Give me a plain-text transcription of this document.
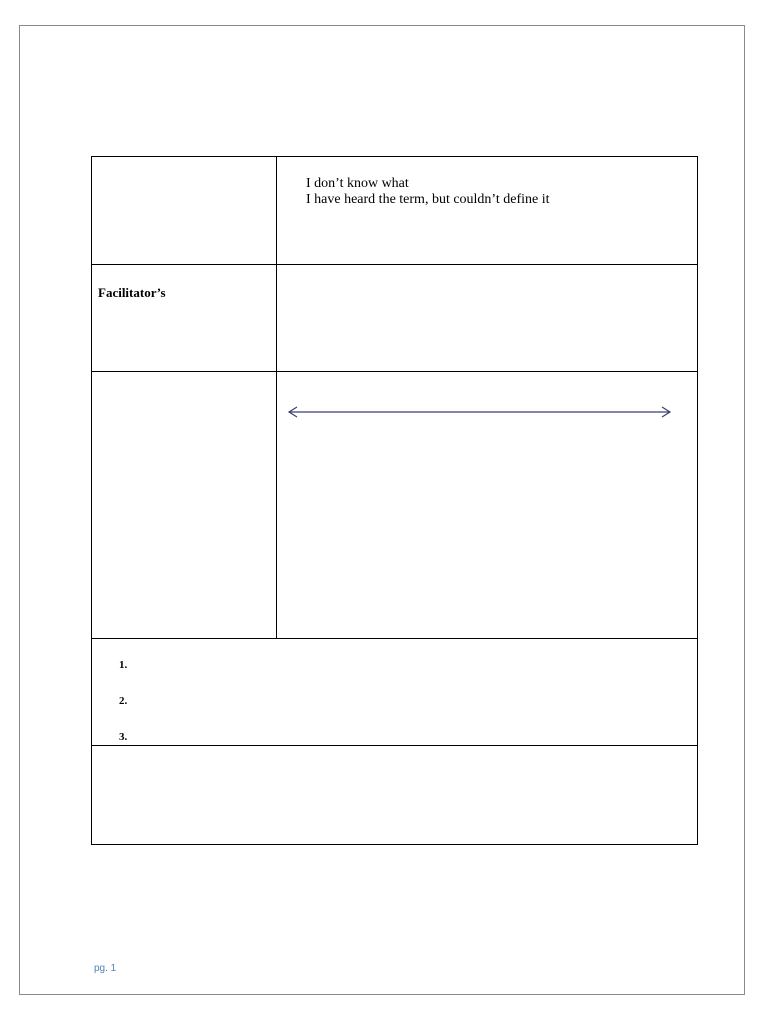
I don’t know what
I have heard the term, but couldn’t define it
Facilitator’s
1.
2.
3.
pg. 1
